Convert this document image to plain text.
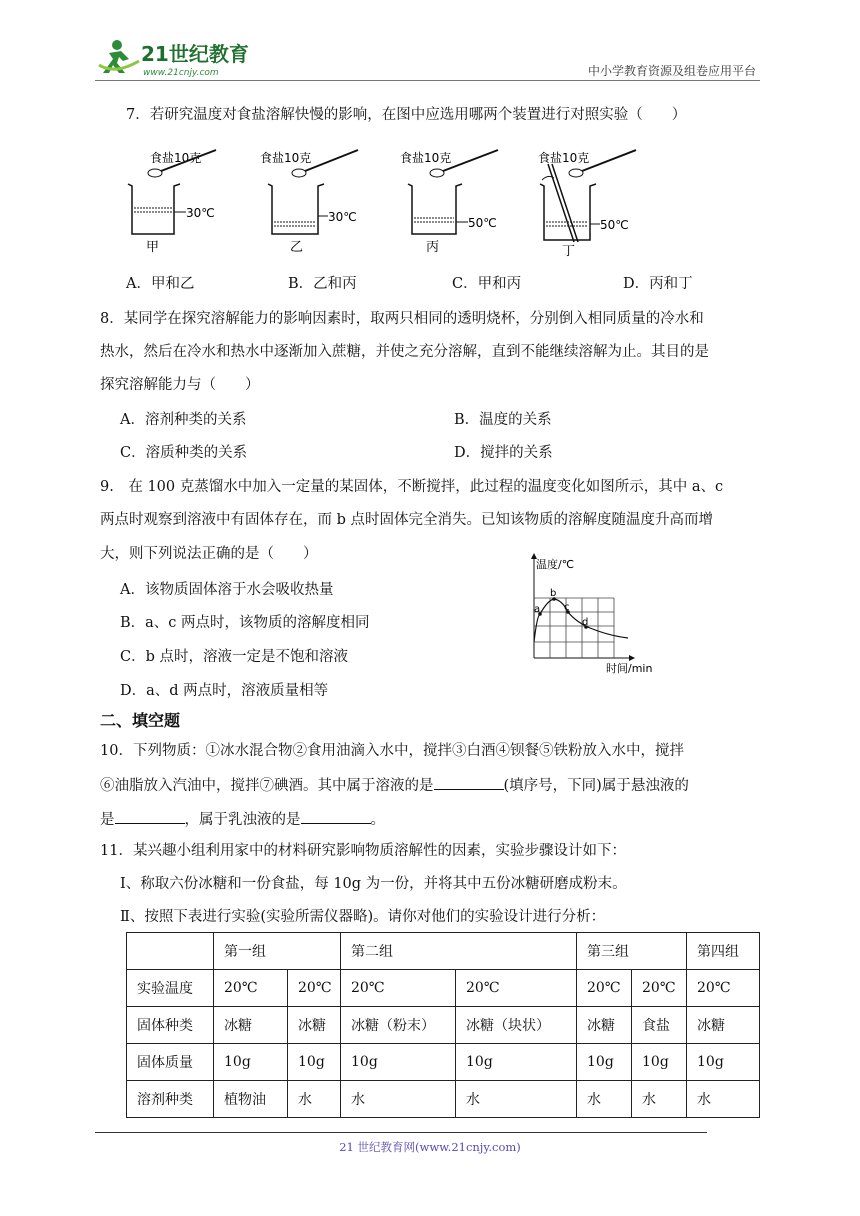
21世纪教育
www.21cnjy.com	中小学教育资源及组卷应用平台
7．若研究温度对食盐溶解快慢的影响，在图中应选用哪两个装置进行对照实验（　　）
食盐10克
30℃
甲
食盐10克
30℃
乙
食盐10克
50℃
丙
食盐10克
50℃
丁
A．甲和乙	B．乙和丙	C．甲和丙	D．丙和丁
8．某同学在探究溶解能力的影响因素时，取两只相同的透明烧杯，分别倒入相同质量的冷水和
热水，然后在冷水和热水中逐渐加入蔗糖，并使之充分溶解，直到不能继续溶解为止。其目的是
探究溶解能力与（　　）
A．溶剂种类的关系	B．温度的关系
C．溶质种类的关系	D．搅拌的关系
9.　在 100 克蒸馏水中加入一定量的某固体，不断搅拌，此过程的温度变化如图所示，其中 a、c
两点时观察到溶液中有固体存在，而 b 点时固体完全消失。已知该物质的溶解度随温度升高而增
大，则下列说法正确的是（　　）
A．该物质固体溶于水会吸收热量
B．a、c 两点时，该物质的溶解度相同
C．b 点时，溶液一定是不饱和溶液
D．a、d 两点时，溶液质量相等
温度/℃
a
b
c
d
时间/min
二、填空题
10．下列物质：①冰水混合物②食用油滴入水中，搅拌③白酒④钡餐⑤铁粉放入水中，搅拌
⑥油脂放入汽油中，搅拌⑦碘酒。其中属于溶液的是	(填序号，下同)属于悬浊液的
是	，属于乳浊液的是	。
11．某兴趣小组利用家中的材料研究影响物质溶解性的因素，实验步骤设计如下：
Ⅰ、称取六份冰糖和一份食盐，每 10g 为一份，并将其中五份冰糖研磨成粉末。
Ⅱ、按照下表进行实验(实验所需仪器略)。请你对他们的实验设计进行分析：
	第一组		第二组		第三组		第四组
实验温度	20℃	20℃	20℃	20℃	20℃	20℃	20℃
固体种类	冰糖	冰糖	冰糖（粉末）	冰糖（块状）	冰糖	食盐	冰糖
固体质量	10g	10g	10g	10g	10g	10g	10g
溶剂种类	植物油	水	水	水	水	水	水
21 世纪教育网(www.21cnjy.com)
